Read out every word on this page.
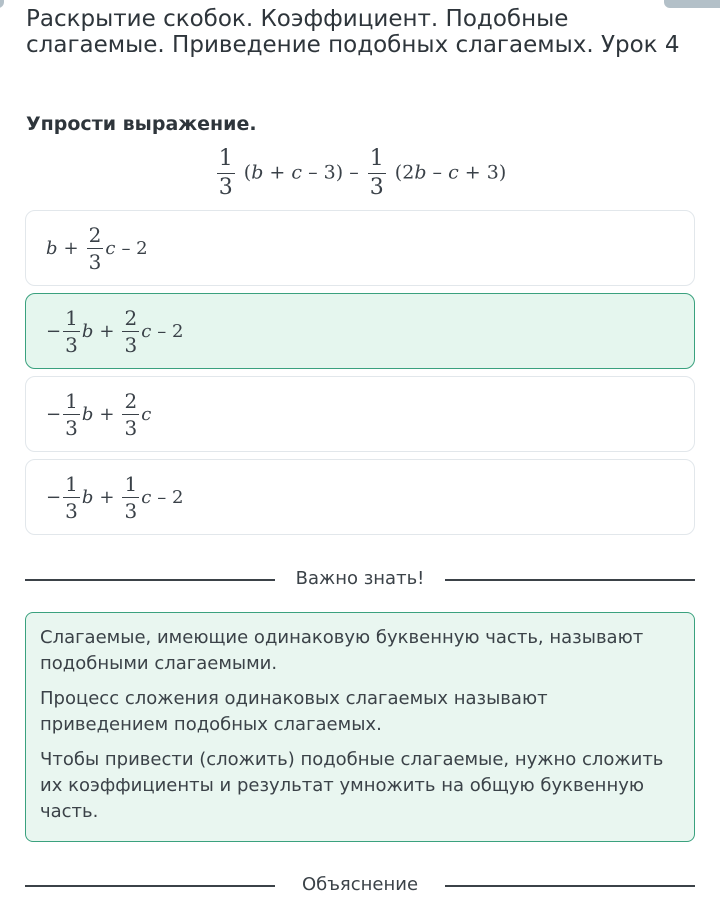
Раскрытие скобок. Коэффициент. Подобные слагаемые. Приведение подобных слагаемых. Урок 4
Упрости выражение.
$\frac{1}{3} (b + c - 3) - \frac{1}{3} (2b - c + 3)$
$b + \frac{2}{3}$ c – 2
− $\frac{1}{3}$ $b + \frac{2}{3}$ c – 2
− $\frac{1}{3}$ $b + \frac{2}{3}$ c
− $\frac{1}{3}$ $b + \frac{1}{3}$ c – 2
Важно знать!

Слагаемые, имеющие одинаковую буквенную часть, называют подобными слагаемыми.

Процесс сложения одинаковых слагаемых называют приведением подобных слагаемых.

Чтобы привести (сложить) подобные слагаемые, нужно сложить их коэффициенты и результат умножить на общую буквенную часть.

Объяснение
